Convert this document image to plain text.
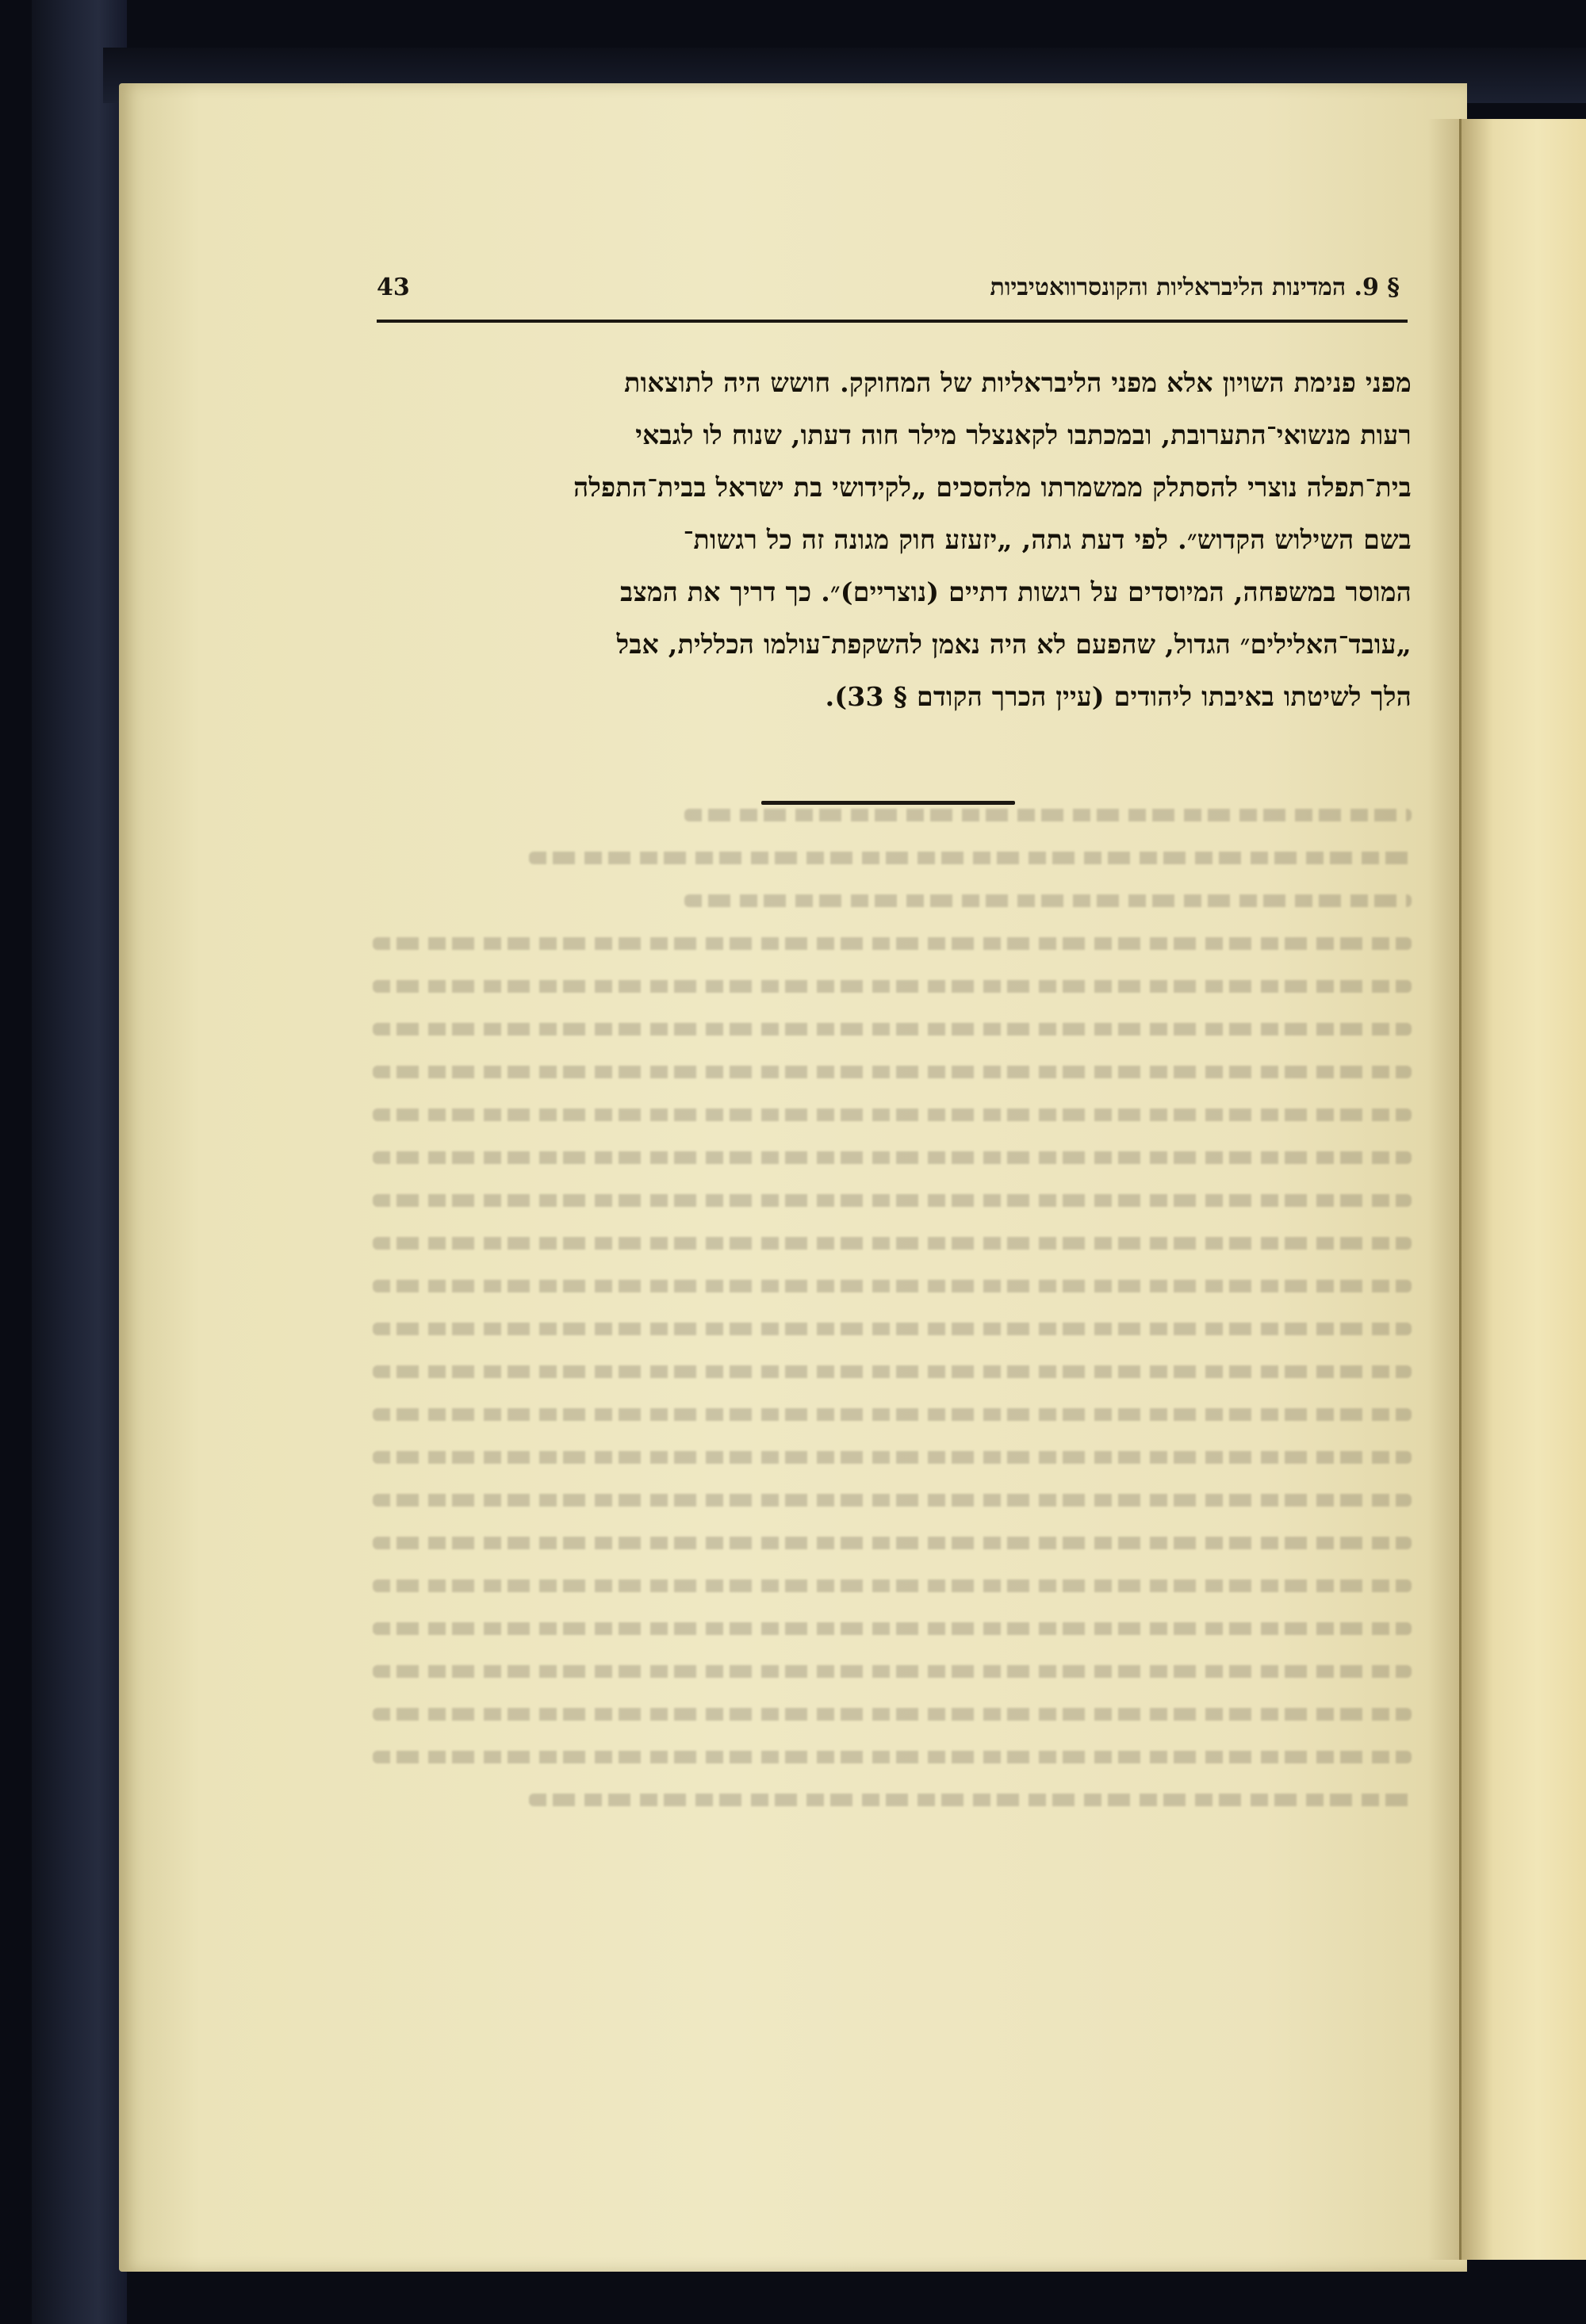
§ 9. המדינות הליבראליות והקונסרוואטיביות
43
מפני פנימת השויון אלא מפני הליבראליות של המחוקק. חושש היה לתוצאות
רעות מנשואי־התערובת, ובמכתבו לקאנצלר מילר חוה דעתו, שנוח לו לגבאי
בית־תפלה נוצרי להסתלק ממשמרתו מלהסכים „לקידושי בת ישראל בבית־התפלה
בשם השילוש הקדוש״. לפי דעת גתה, „יזעזע חוק מגונה זה כל רגשות־
המוסר במשפחה, המיוסדים על רגשות דתיים (נוצריים)״. כך דריך את המצב
„עובד־האלילים״ הגדול, שהפעם לא היה נאמן להשקפת־עולמו הכללית, אבל
הלך לשיטתו באיבתו ליהודים (עיין הכרך הקודם § 33).
